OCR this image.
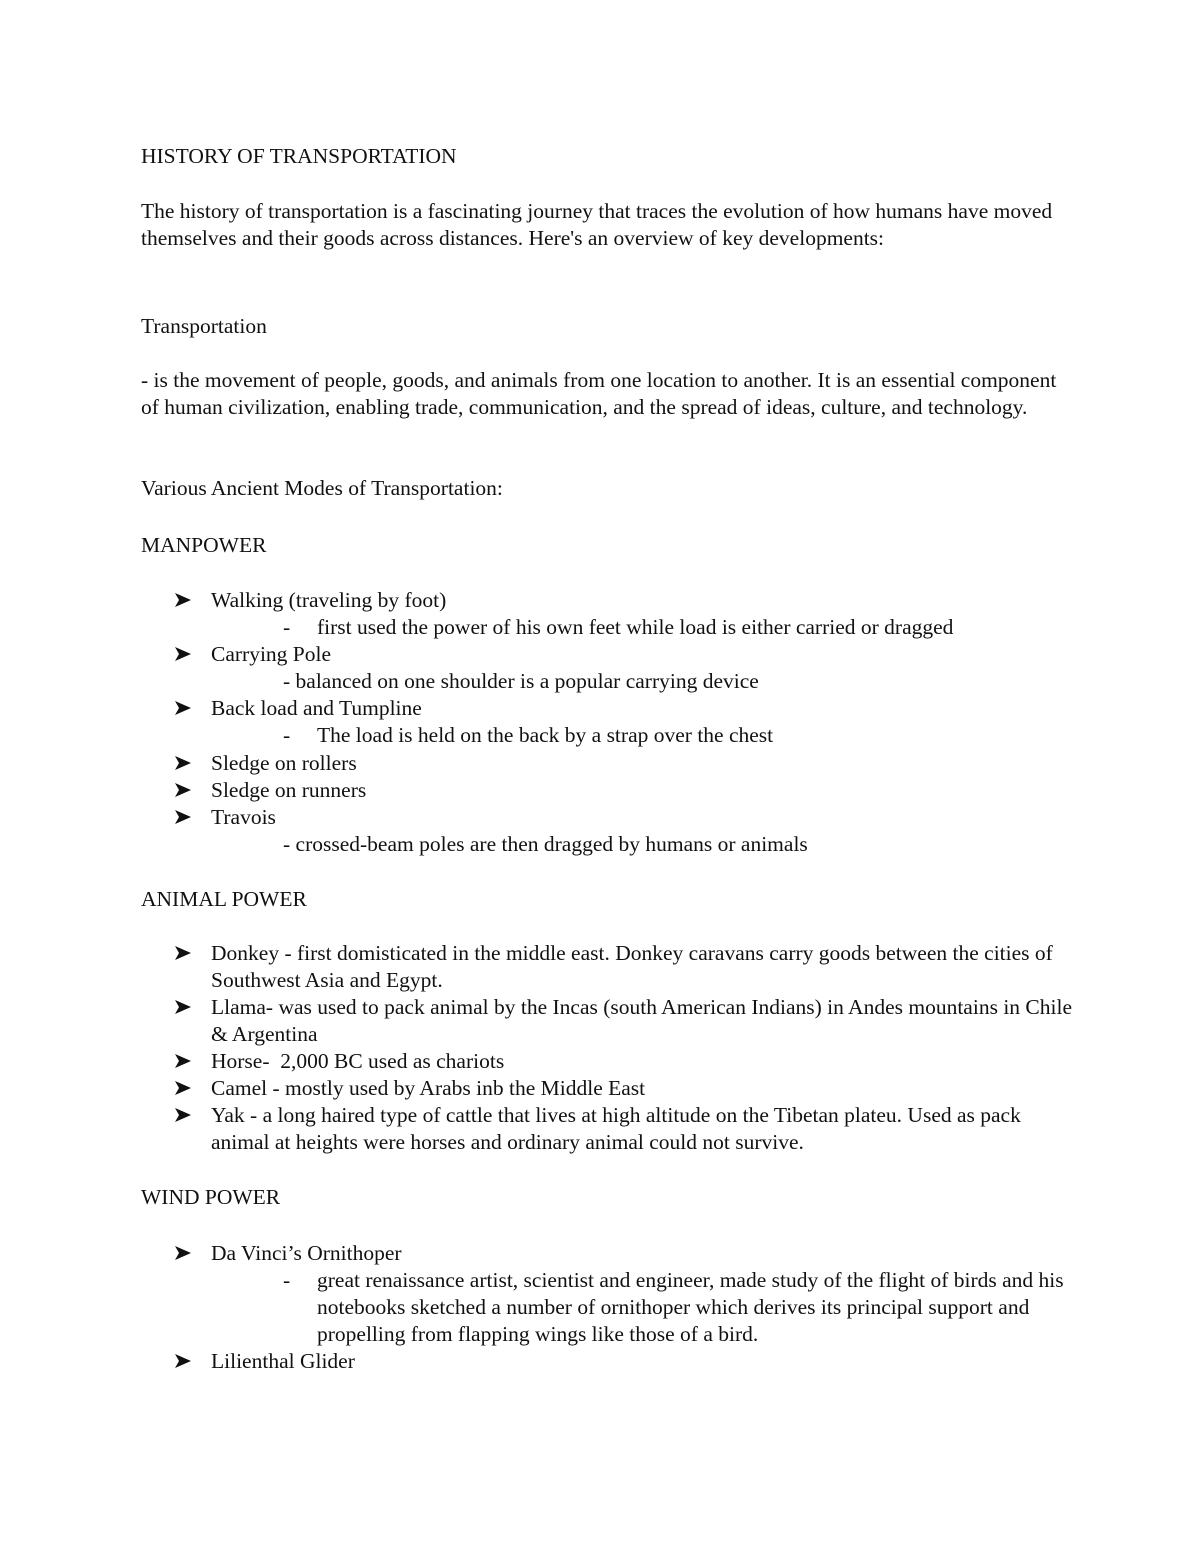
HISTORY OF TRANSPORTATION

The history of transportation is a fascinating journey that traces the evolution of how humans have moved themselves and their goods across distances. Here's an overview of key developments:

Transportation

- is the movement of people, goods, and animals from one location to another. It is an essential component of human civilization, enabling trade, communication, and the spread of ideas, culture, and technology.

Various Ancient Modes of Transportation:

MANPOWER

Walking (traveling by foot)

- first used the power of his own feet while load is either carried or dragged

Carrying Pole

- balanced on one shoulder is a popular carrying device

Back load and Tumpline

- The load is held on the back by a strap over the chest

Sledge on rollers

Sledge on runners

Travois

- crossed-beam poles are then dragged by humans or animals

ANIMAL POWER

Donkey - first domisticated in the middle east. Donkey caravans carry goods between the cities of Southwest Asia and Egypt.

Llama- was used to pack animal by the Incas (south American Indians) in Andes mountains in Chile & Argentina

Horse-  2,000 BC used as chariots

Camel - mostly used by Arabs inb the Middle East

Yak - a long haired type of cattle that lives at high altitude on the Tibetan plateu. Used as pack animal at heights were horses and ordinary animal could not survive.

WIND POWER

Da Vinci’s Ornithoper

- great renaissance artist, scientist and engineer, made study of the flight of birds and his notebooks sketched a number of ornithoper which derives its principal support and propelling from flapping wings like those of a bird.

Lilienthal Glider
